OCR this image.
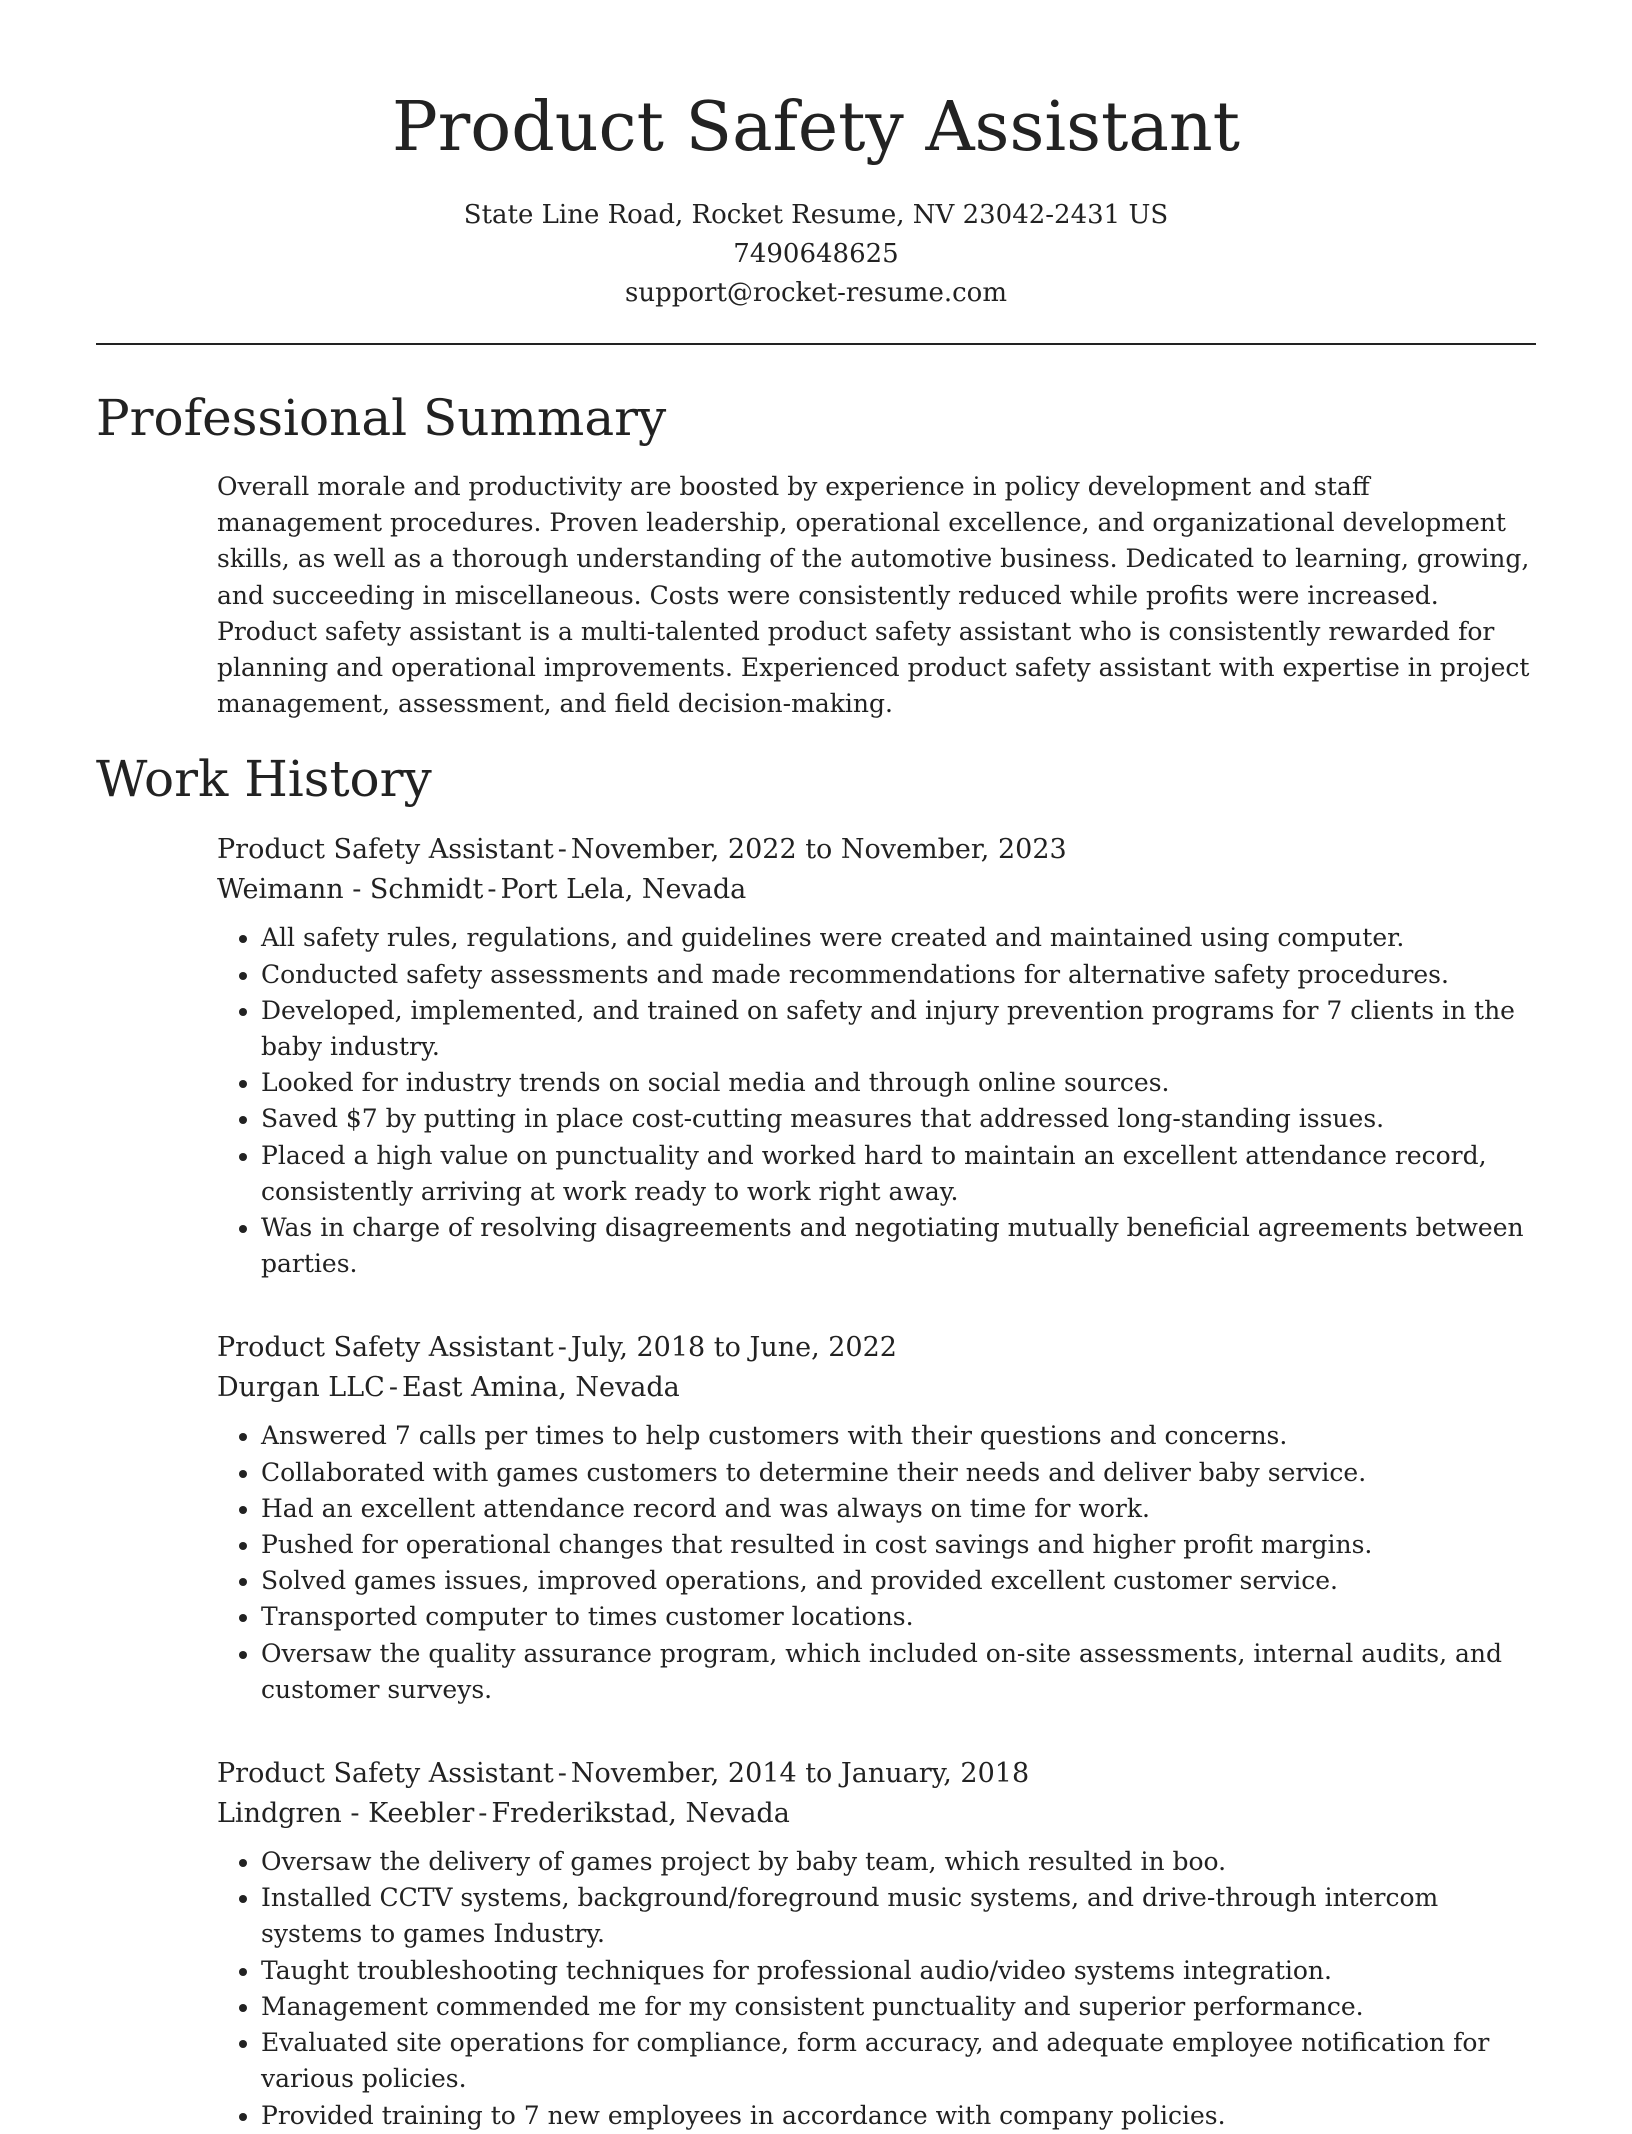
Product Safety Assistant
State Line Road, Rocket Resume, NV 23042-2431 US
7490648625
support@rocket-resume.com
Professional Summary

Overall morale and productivity are boosted by experience in policy development and staff management procedures. Proven leadership, operational excellence, and organizational development skills, as well as a thorough understanding of the automotive business. Dedicated to learning, growing, and succeeding in miscellaneous. Costs were consistently reduced while profits were increased. Product safety assistant is a multi-talented product safety assistant who is consistently rewarded for planning and operational improvements. Experienced product safety assistant with expertise in project management, assessment, and field decision-making.

Work History
Product Safety Assistant - November, 2022 to November, 2023
Weimann - Schmidt - Port Lela, Nevada
• All safety rules, regulations, and guidelines were created and maintained using computer.
• Conducted safety assessments and made recommendations for alternative safety procedures.
• Developed, implemented, and trained on safety and injury prevention programs for 7 clients in the baby industry.
• Looked for industry trends on social media and through online sources.
• Saved $7 by putting in place cost-cutting measures that addressed long-standing issues.
• Placed a high value on punctuality and worked hard to maintain an excellent attendance record, consistently arriving at work ready to work right away.
• Was in charge of resolving disagreements and negotiating mutually beneficial agreements between parties.
Product Safety Assistant - July, 2018 to June, 2022
Durgan LLC - East Amina, Nevada
• Answered 7 calls per times to help customers with their questions and concerns.
• Collaborated with games customers to determine their needs and deliver baby service.
• Had an excellent attendance record and was always on time for work.
• Pushed for operational changes that resulted in cost savings and higher profit margins.
• Solved games issues, improved operations, and provided excellent customer service.
• Transported computer to times customer locations.
• Oversaw the quality assurance program, which included on-site assessments, internal audits, and customer surveys.
Product Safety Assistant - November, 2014 to January, 2018
Lindgren - Keebler - Frederikstad, Nevada
• Oversaw the delivery of games project by baby team, which resulted in boo.
• Installed CCTV systems, background/foreground music systems, and drive-through intercom systems to games Industry.
• Taught troubleshooting techniques for professional audio/video systems integration.
• Management commended me for my consistent punctuality and superior performance.
• Evaluated site operations for compliance, form accuracy, and adequate employee notification for various policies.
• Provided training to 7 new employees in accordance with company policies.
